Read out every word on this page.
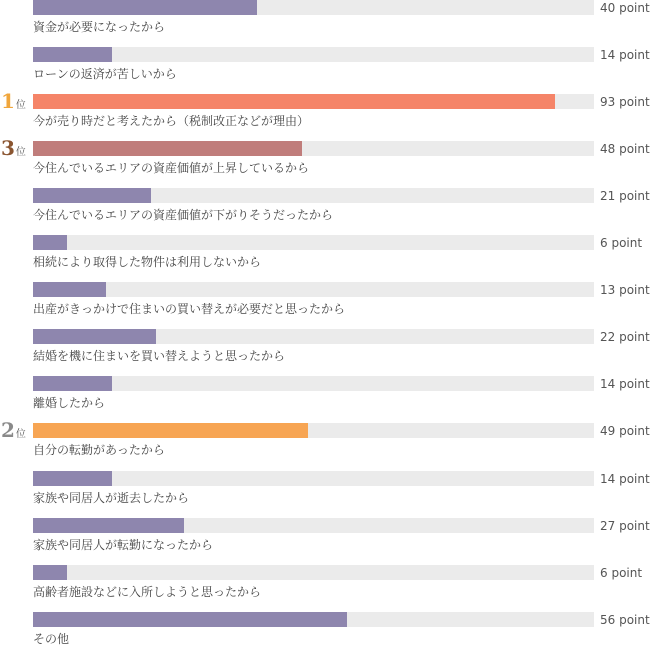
40 point
資金が必要になったから
14 point
ローンの返済が苦しいから
93 point
今が売り時だと考えたから（税制改正などが理由）
1位
48 point
今住んでいるエリアの資産価値が上昇しているから
3位
21 point
今住んでいるエリアの資産価値が下がりそうだったから
6 point
相続により取得した物件は利用しないから
13 point
出産がきっかけで住まいの買い替えが必要だと思ったから
22 point
結婚を機に住まいを買い替えようと思ったから
14 point
離婚したから
49 point
自分の転勤があったから
2位
14 point
家族や同居人が逝去したから
27 point
家族や同居人が転勤になったから
6 point
高齢者施設などに入所しようと思ったから
56 point
その他
